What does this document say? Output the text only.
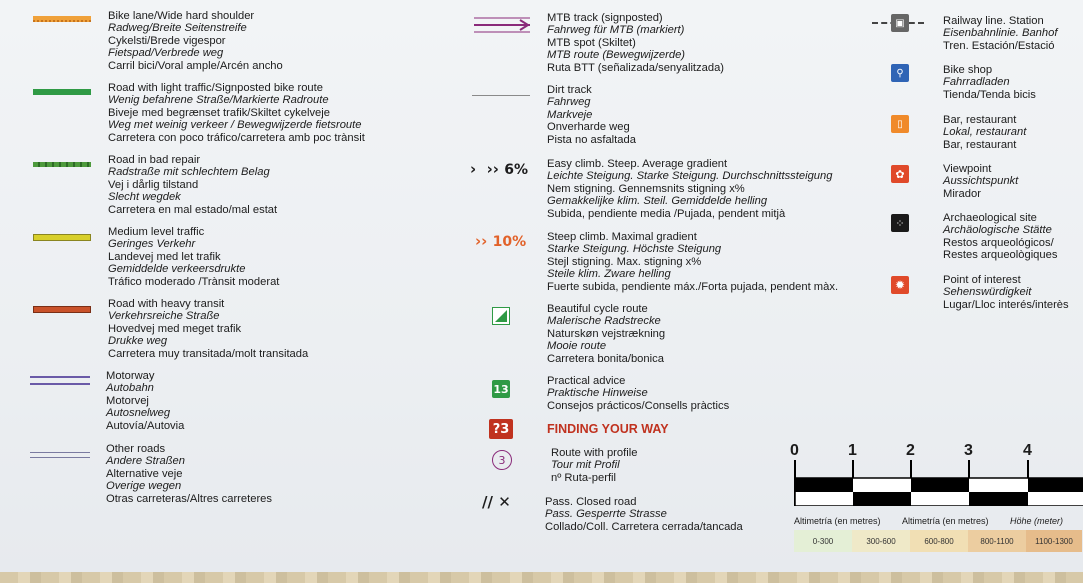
Bike lane/Wide hard shoulder
Radweg/Breite Seitenstreife
Cykelsti/Brede vigespor
Fietspad/Verbrede weg
Carril bici/Voral ample/Arcén ancho
Road with light traffic/Signposted bike route
Wenig befahrene Straße/Markierte Radroute
Biveje med begrænset trafik/Skiltet cykelveje
Weg met weinig verkeer / Bewegwijzerde fietsroute
Carretera con poco tráfico/carretera amb poc trànsit
Road in bad repair
Radstraße mit schlechtem Belag
Vej i dårlig tilstand
Slecht wegdek
Carretera en mal estado/mal estat
Medium level traffic
Geringes Verkehr
Landevej med let trafik
Gemiddelde verkeersdrukte
Tráfico moderado /Trànsit moderat
Road with heavy transit
Verkehrsreiche Straße
Hovedvej med meget trafik
Drukke weg
Carretera muy transitada/molt transitada
Motorway
Autobahn
Motorvej
Autosnelweg
Autovía/Autovia
Other roads
Andere Straßen
Alternative veje
Overige wegen
Otras carreteras/Altres carreteres
›  ›› 6%
›› 10%
13
?3
3
// ✕
MTB track (signposted)
Fahrweg für MTB (markiert)
MTB spot (Skiltet)
MTB route (Bewegwijzerde)
Ruta BTT (señalizada/senyalitzada)
Dirt track
Fahrweg
Markveje
Onverharde weg
Pista no asfaltada
Easy climb. Steep. Average gradient
Leichte Steigung. Starke Steigung. Durchschnittssteigung
Nem stigning. Gennemsnits stigning x%
Gemakkelijke klim. Steil. Gemiddelde helling
Subida, pendiente media /Pujada, pendent mitjà
Steep climb. Maximal gradient
Starke Steigung. Höchste Steigung
Stejl stigning. Max. stigning x%
Steile klim. Zware helling
Fuerte subida, pendiente máx./Forta pujada, pendent màx.
Beautiful cycle route
Malerische Radstrecke
Naturskøn vejstrækning
Mooie route
Carretera bonita/bonica
Practical advice
Praktische Hinweise
Consejos prácticos/Consells pràctics
FINDING YOUR WAY
Route with profile
Tour mit Profil
nº Ruta-perfil
Pass. Closed road
Pass. Gesperrte Strasse
Collado/Coll. Carretera cerrada/tancada
▣
⚲
▯
✿
⁘
✹
Railway line. Station
Eisenbahnlinie. Banhof
Tren. Estación/Estació
Bike shop
Fahrradladen
Tienda/Tenda bicis
Bar, restaurant
Lokal, restaurant
Bar, restaurant
Viewpoint
Aussichtspunkt
Mirador
Archaeological site
Archäologische Stätte
Restos arqueológicos/
Restes arqueològiques
Point of interest
Sehenswürdigkeit
Lugar/Lloc interés/interès
0	1	2	3	4
Altimetría (en metres) Altimetría (en metres) Höhe (meter)
0-300	300-600	600-800	800-1100	1100-1300
